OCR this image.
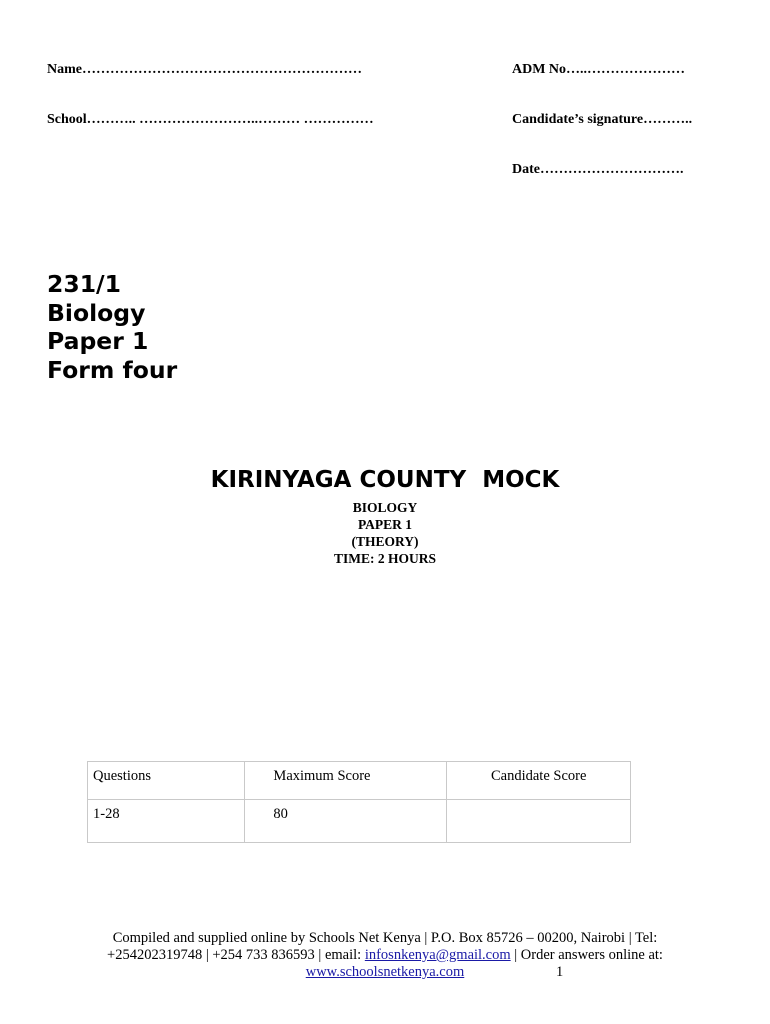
Name……………………………………………………
School……….. ……………………..……… ……………
ADM No…..…………………
Candidate’s signature………..
Date………………………….
231/1
Biology
Paper 1
Form four
KIRINYAGA COUNTY  MOCK
BIOLOGY
PAPER 1
(THEORY)
TIME: 2 HOURS
Questions	Maximum Score	Candidate Score
1-28	80	
Compiled and supplied online by Schools Net Kenya | P.O. Box 85726 – 00200, Nairobi | Tel:
+254202319748 | +254 733 836593 | email: infosnkenya@gmail.com | Order answers online at:
www.schoolsnetkenya.com	1
